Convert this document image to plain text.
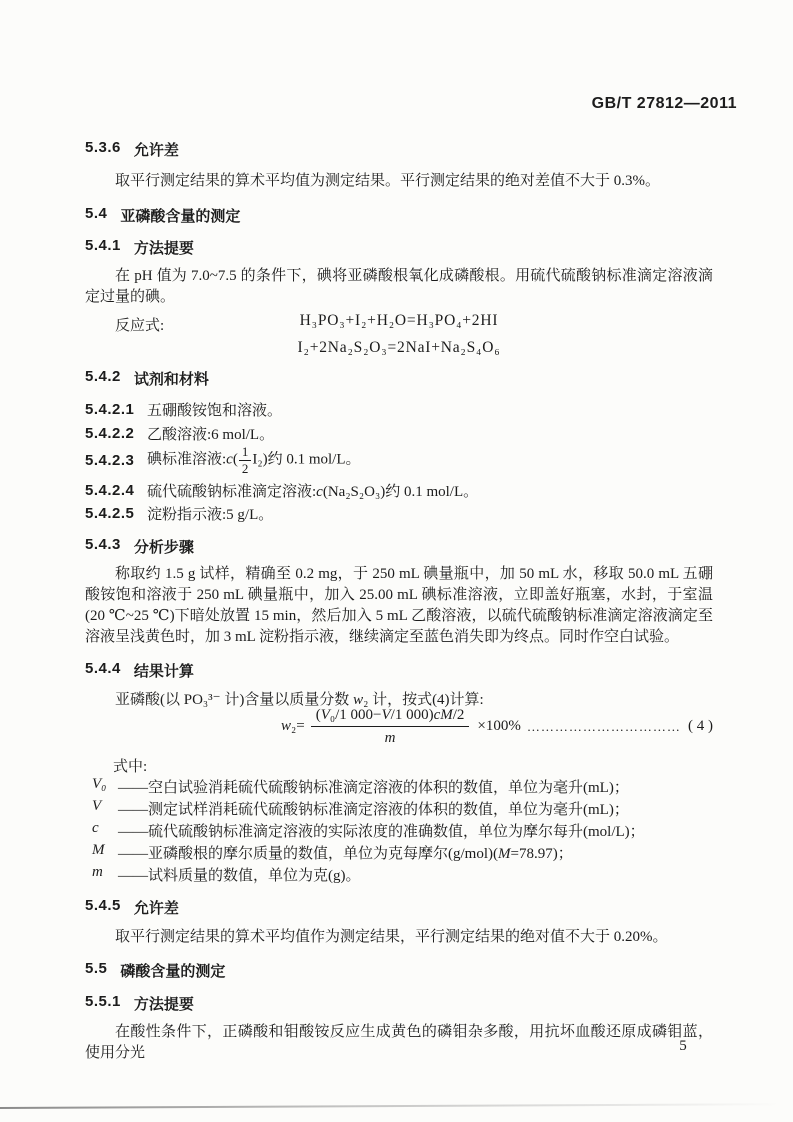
GB/T 27812—2011
5.3.6 允许差
取平行测定结果的算术平均值为测定结果。平行测定结果的绝对差值不大于 0.3%。
5.4 亚磷酸含量的测定
5.4.1 方法提要
在 pH 值为 7.0~7.5 的条件下，碘将亚磷酸根氧化成磷酸根。用硫代硫酸钠标准滴定溶液滴定过量的碘。
反应式:	H₃PO₃+I₂+H₂O=H₃PO₄+2HI
I₂+2Na₂S₂O₃=2NaI+Na₂S₄O₆
5.4.2 试剂和材料
5.4.2.1 五硼酸铵饱和溶液。
5.4.2.2 乙酸溶液:6 mol/L。
5.4.2.3 碘标准溶液:c( $\frac{1}{2} I_2$)约 0.1 mol/L。
5.4.2.4 硫代硫酸钠标准滴定溶液:c(Na₂S₂O₃)约 0.1 mol/L。
5.4.2.5 淀粉指示液:5 g/L。
5.4.3 分析步骤
称取约 1.5 g 试样，精确至 0.2 mg，于 250 mL 碘量瓶中，加 50 mL 水，移取 50.0 mL 五硼酸铵饱和溶液于 250 mL 碘量瓶中，加入 25.00 mL 碘标准溶液，立即盖好瓶塞，水封，于室温(20 ℃~25 ℃)下暗处放置 15 min，然后加入 5 mL 乙酸溶液，以硫代硫酸钠标准滴定溶液滴定至溶液呈浅黄色时，加 3 mL 淀粉指示液，继续滴定至蓝色消失即为终点。同时作空白试验。
5.4.4 结果计算
亚磷酸(以 PO₃³⁻ 计)含量以质量分数 w₂ 计，按式(4)计算:
$w_2= \frac{\text{(V₀/1 000−V/1 000)cM/2}}{m} \times 100\%$ …………………………… ( 4 )
式中:
V₀ ——空白试验消耗硫代硫酸钠标准滴定溶液的体积的数值，单位为毫升(mL)；
V	——测定试样消耗硫代硫酸钠标准滴定溶液的体积的数值，单位为毫升(mL)；
c	——硫代硫酸钠标准滴定溶液的实际浓度的准确数值，单位为摩尔每升(mol/L)；
M ——亚磷酸根的摩尔质量的数值，单位为克每摩尔(g/mol)(M=78.97)；
m	——试料质量的数值，单位为克(g)。
5.4.5 允许差
取平行测定结果的算术平均值作为测定结果，平行测定结果的绝对值不大于 0.20%。
5.5 磷酸含量的测定
5.5.1 方法提要
在酸性条件下，正磷酸和钼酸铵反应生成黄色的磷钼杂多酸，用抗坏血酸还原成磷钼蓝，使用分光	5
